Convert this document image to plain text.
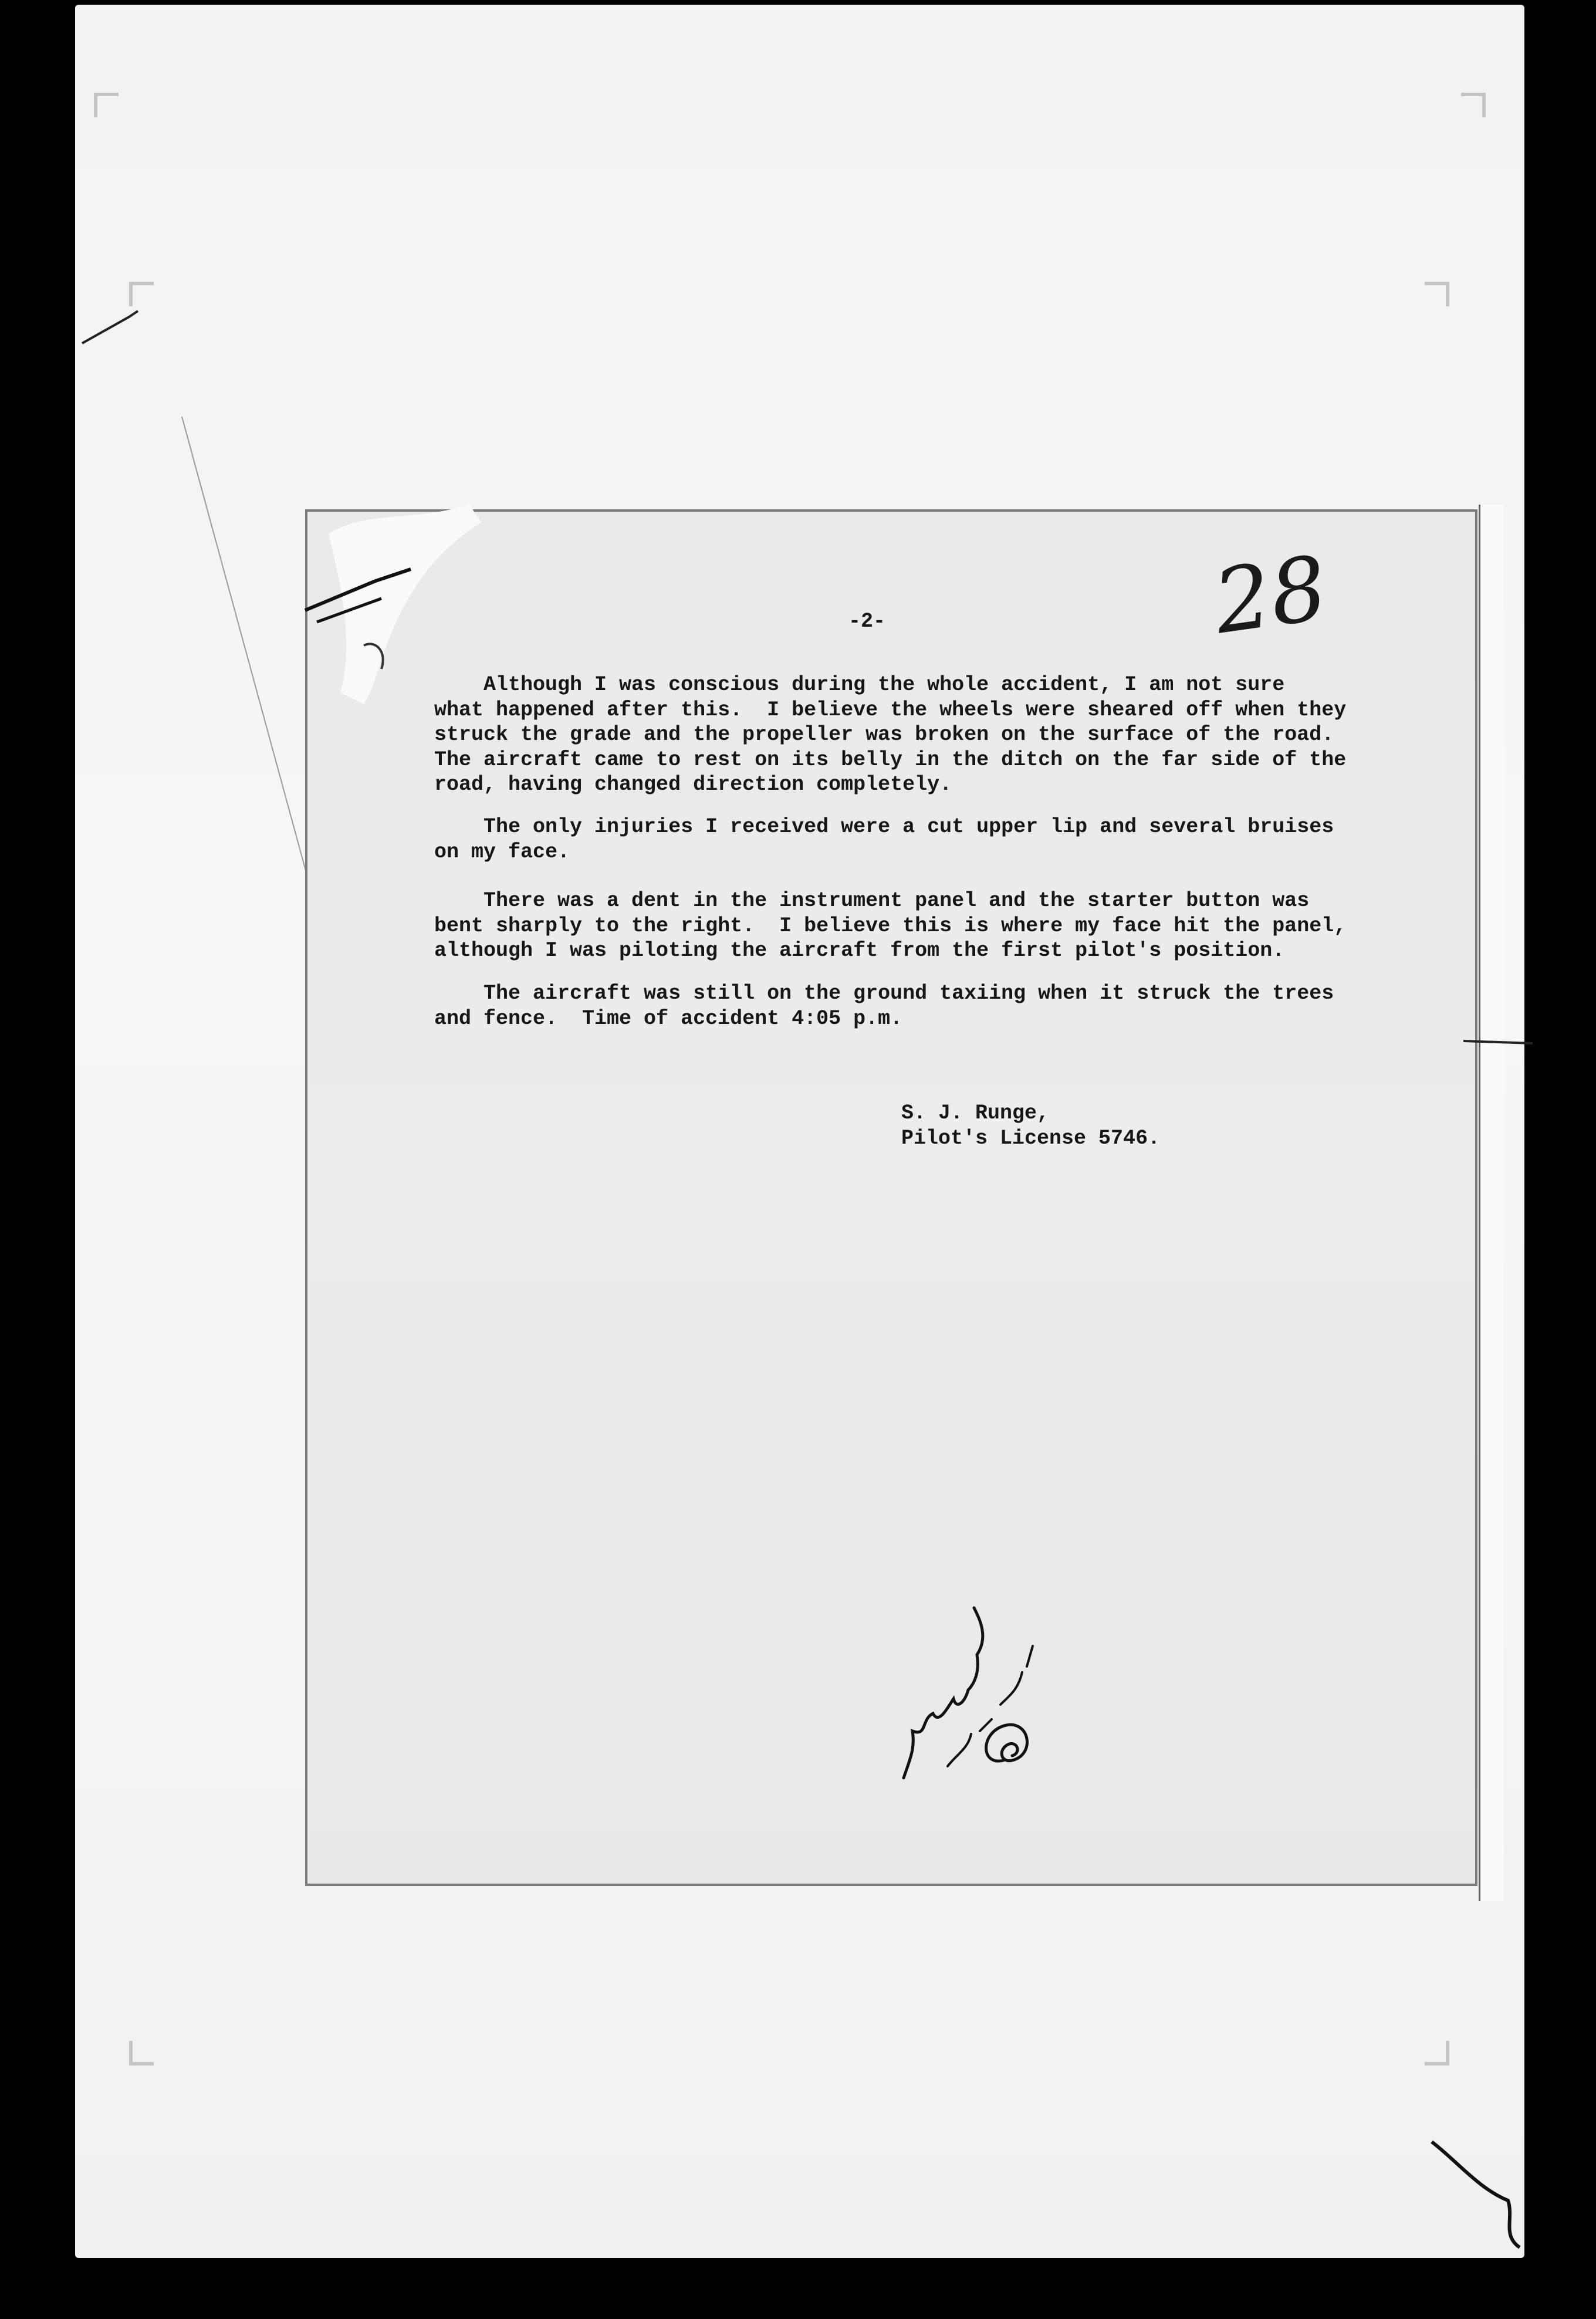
-2-	28

Although I was conscious during the whole accident, I am not sure
what happened after this.  I believe the wheels were sheared off when they
struck the grade and the propeller was broken on the surface of the road.
The aircraft came to rest on its belly in the ditch on the far side of the
road, having changed direction completely.

The only injuries I received were a cut upper lip and several bruises
on my face.

There was a dent in the instrument panel and the starter button was
bent sharply to the right.  I believe this is where my face hit the panel,
although I was piloting the aircraft from the first pilot's position.

The aircraft was still on the ground taxiing when it struck the trees
and fence.  Time of accident 4:05 p.m.

S. J. Runge,
Pilot's License 5746.
